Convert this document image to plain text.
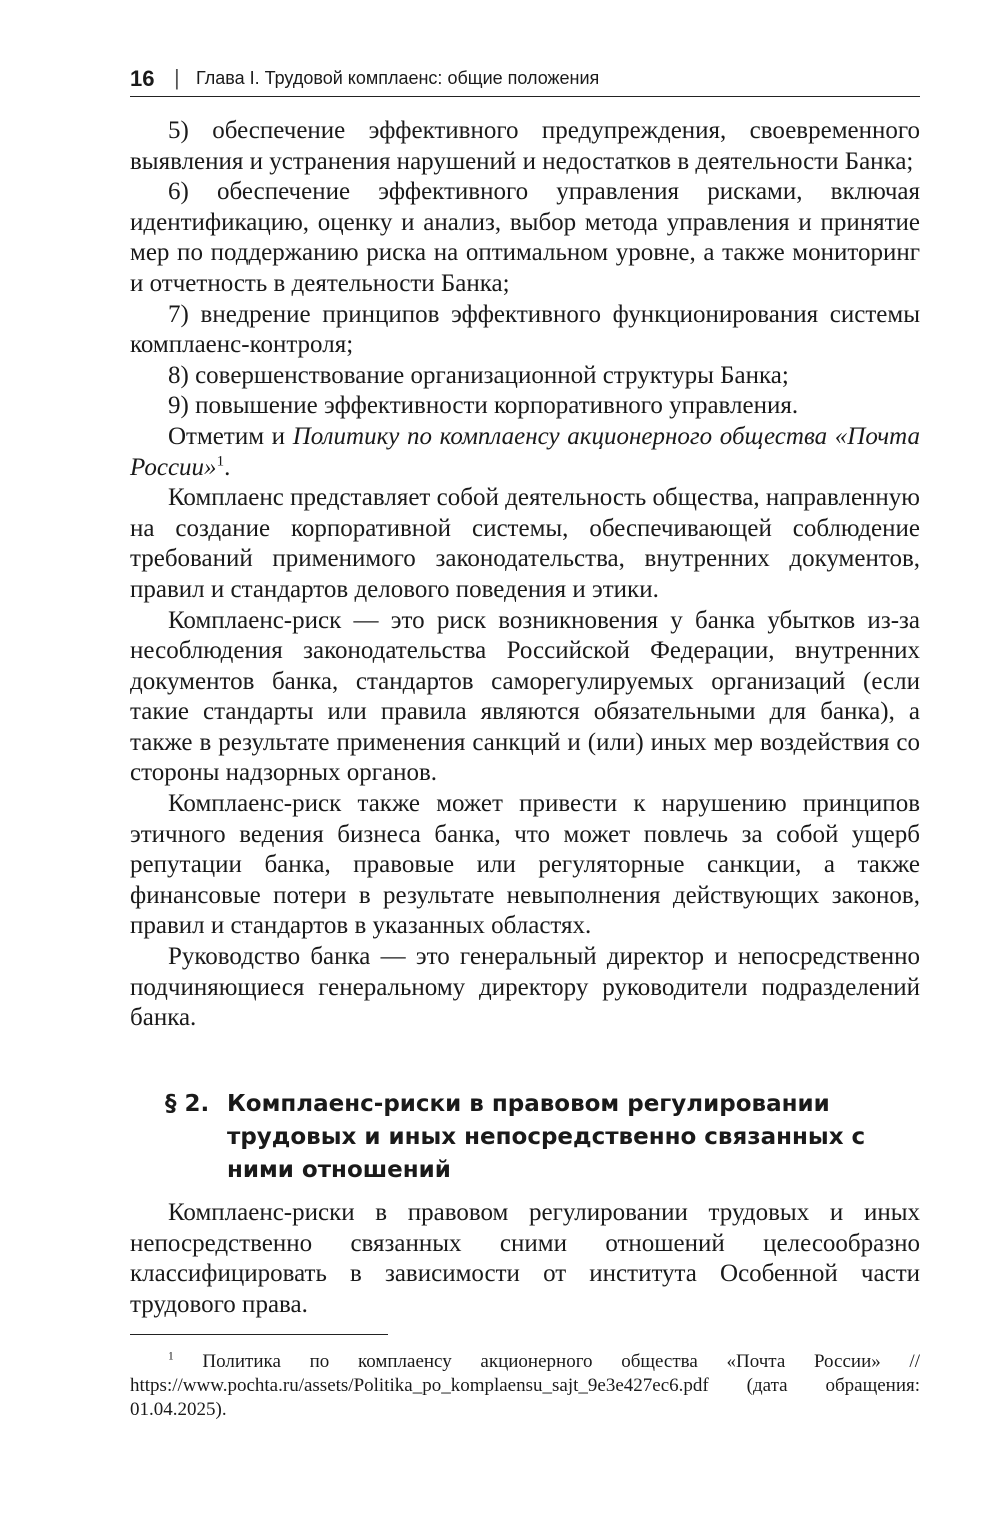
16 | Глава I. Трудовой комплаенс: общие положения

5) обеспечение эффективного предупреждения, своевременного выявления и устранения нарушений и недостатков в деятельности Банка;

6) обеспечение эффективного управления рисками, включая идентификацию, оценку и анализ, выбор метода управления и принятие мер по поддержанию риска на оптимальном уровне, а также мониторинг и отчетность в деятельности Банка;

7) внедрение принципов эффективного функционирования системы комплаенс-контроля;

8) совершенствование организационной структуры Банка;

9) повышение эффективности корпоративного управления.

Отметим и Политику по комплаенсу акционерного общества «Почта России»$^1$.

Комплаенс представляет собой деятельность общества, направленную на создание корпоративной системы, обеспечивающей соблюдение требований применимого законодательства, внутренних документов, правил и стандартов делового поведения и этики.

Комплаенс-риск — это риск возникновения у банка убытков из-за несоблюдения законодательства Российской Федерации, внутренних документов банка, стандартов саморегулируемых организаций (если такие стандарты или правила являются обязательными для банка), а также в результате применения санкций и (или) иных мер воздействия со стороны надзорных органов.

Комплаенс-риск также может привести к нарушению принципов этичного ведения бизнеса банка, что может повлечь за собой ущерб репутации банка, правовые или регуляторные санкции, а также финансовые потери в результате невыполнения действующих законов, правил и стандартов в указанных областях.

Руководство банка — это генеральный директор и непосредственно подчиняющиеся генеральному директору руководители подразделений банка.

§ 2. Комплаенс-риски в правовом регулировании трудовых и иных непосредственно связанных с ними отношений

Комплаенс-риски в правовом регулировании трудовых и иных непосредственно связанных сними отношений целесообразно классифицировать в зависимости от института Особенной части трудового права.

$^1$ Политика по комплаенсу акционерного общества «Почта России» // https://www.pochta.ru/assets/Politika_po_komplaensu_sajt_9e3e427ec6.pdf (дата обращения: 01.04.2025).
